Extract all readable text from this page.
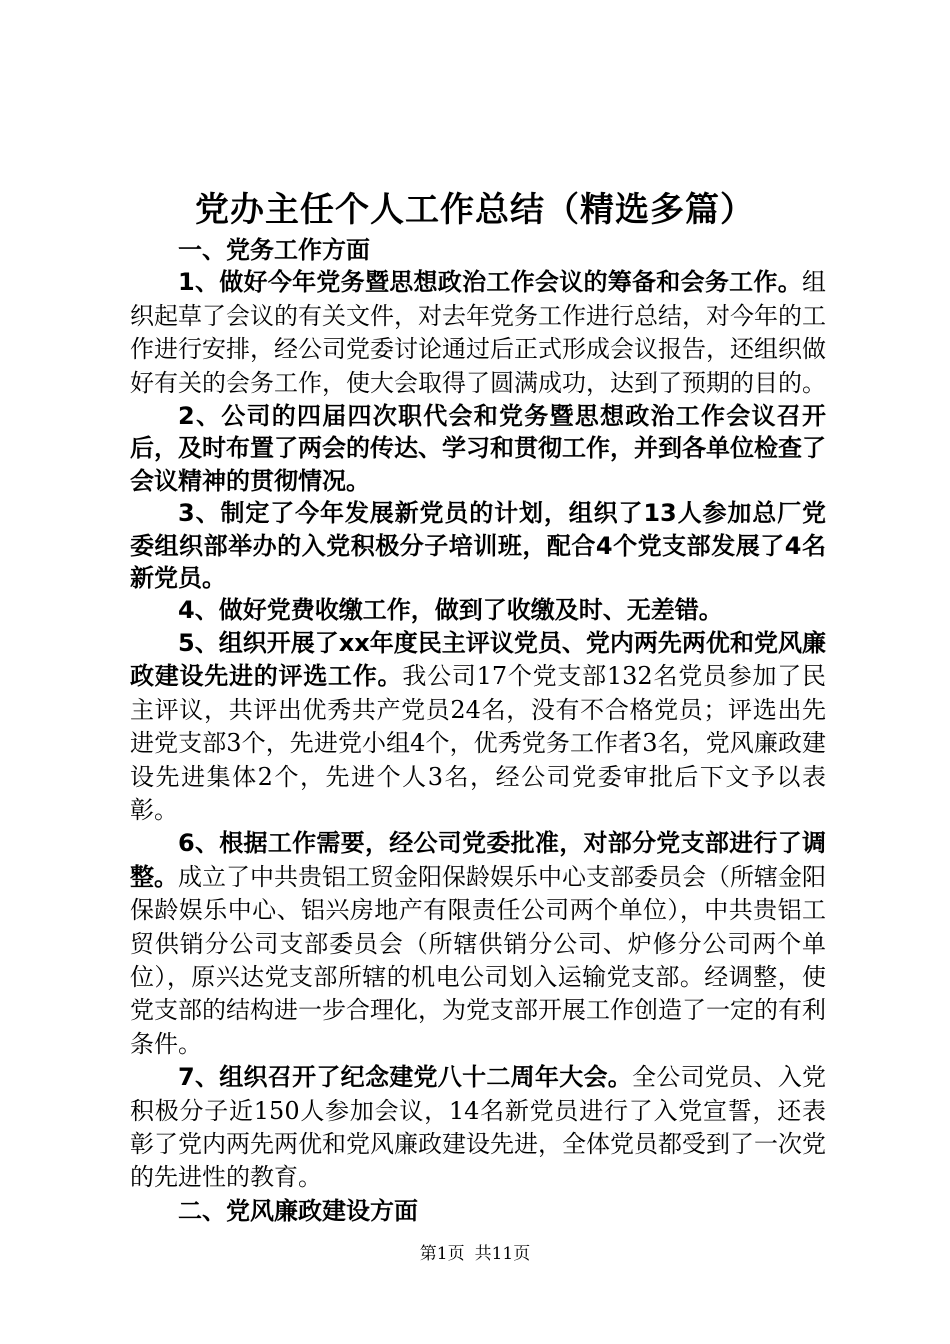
党办主任个人工作总结（精选多篇）

一、党务工作方面

1、做好今年党务暨思想政治工作会议的筹备和会务工作。组织起草了会议的有关文件，对去年党务工作进行总结，对今年的工作进行安排，经公司党委讨论通过后正式形成会议报告，还组织做好有关的会务工作，使大会取得了圆满成功，达到了预期的目的。

2、公司的四届四次职代会和党务暨思想政治工作会议召开后，及时布置了两会的传达、学习和贯彻工作，并到各单位检查了会议精神的贯彻情况。

3、制定了今年发展新党员的计划，组织了13人参加总厂党委组织部举办的入党积极分子培训班，配合4个党支部发展了4名新党员。

4、做好党费收缴工作，做到了收缴及时、无差错。

5、组织开展了xx年度民主评议党员、党内两先两优和党风廉政建设先进的评选工作。我公司17个党支部132名党员参加了民主评议，共评出优秀共产党员24名，没有不合格党员；评选出先进党支部3个，先进党小组4个，优秀党务工作者3名，党风廉政建设先进集体2个，先进个人3名，经公司党委审批后下文予以表彰。

6、根据工作需要，经公司党委批准，对部分党支部进行了调整。成立了中共贵铝工贸金阳保龄娱乐中心支部委员会（所辖金阳保龄娱乐中心、铝兴房地产有限责任公司两个单位），中共贵铝工贸供销分公司支部委员会（所辖供销分公司、炉修分公司两个单位），原兴达党支部所辖的机电公司划入运输党支部。经调整，使党支部的结构进一步合理化，为党支部开展工作创造了一定的有利条件。

7、组织召开了纪念建党八十二周年大会。全公司党员、入党积极分子近150人参加会议，14名新党员进行了入党宣誓，还表彰了党内两先两优和党风廉政建设先进，全体党员都受到了一次党的先进性的教育。

二、党风廉政建设方面

第1页 共11页
